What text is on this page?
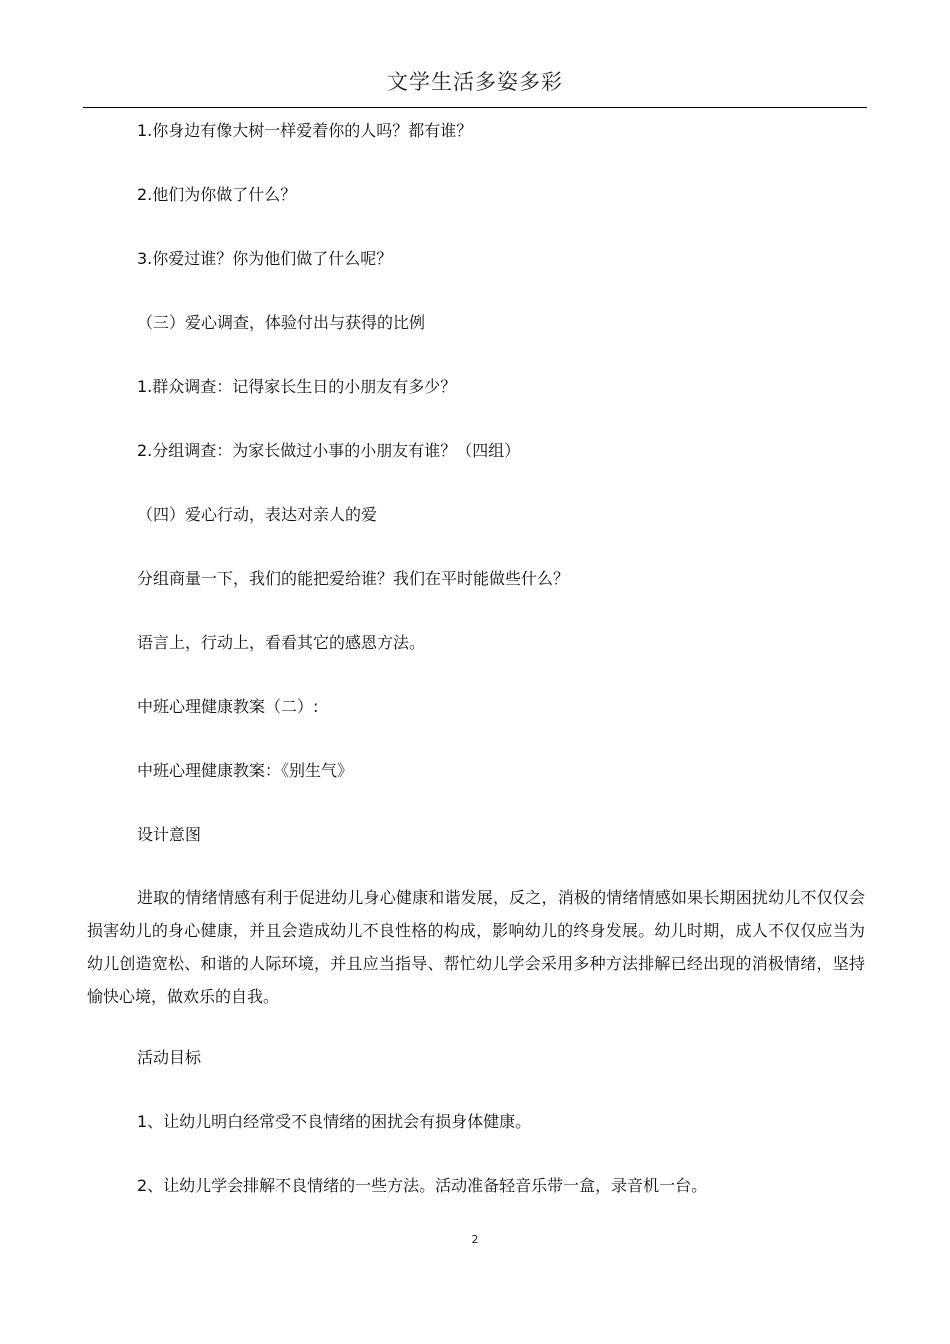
文学生活多姿多彩
1.你身边有像大树一样爱着你的人吗？都有谁？
2.他们为你做了什么？
3.你爱过谁？你为他们做了什么呢？
（三）爱心调查，体验付出与获得的比例
1.群众调查：记得家长生日的小朋友有多少？
2.分组调查：为家长做过小事的小朋友有谁？（四组）
（四）爱心行动，表达对亲人的爱
分组商量一下，我们的能把爱给谁？我们在平时能做些什么？
语言上，行动上，看看其它的感恩方法。
中班心理健康教案（二）:
中班心理健康教案：《别生气》
设计意图
进取的情绪情感有利于促进幼儿身心健康和谐发展，反之，消极的情绪情感如果长期困扰幼儿不仅仅会损害幼儿的身心健康，并且会造成幼儿不良性格的构成，影响幼儿的终身发展。幼儿时期，成人不仅仅应当为幼儿创造宽松、和谐的人际环境，并且应当指导、帮忙幼儿学会采用多种方法排解已经出现的消极情绪，坚持愉快心境，做欢乐的自我。
活动目标
1、让幼儿明白经常受不良情绪的困扰会有损身体健康。
2、让幼儿学会排解不良情绪的一些方法。活动准备轻音乐带一盒，录音机一台。
2
